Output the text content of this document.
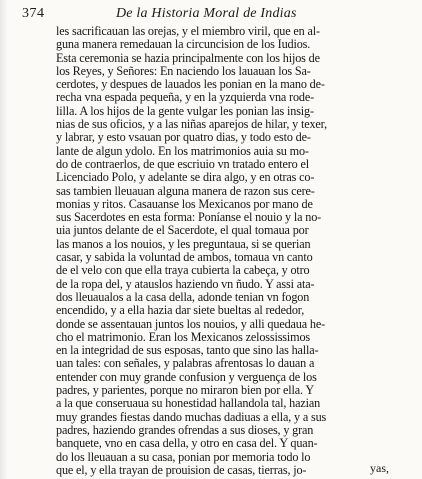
374	De la Historia Moral de Indias
les sacrificauan las orejas, y el miembro viril, que en al-
guna manera remedauan la circuncision de los Iudios.
Esta ceremonia se hazia principalmente con los hijos de
los Reyes, y Señores: En naciendo los lauauan los Sa-
cerdotes, y despues de lauados les ponian en la mano de-
recha vna espada pequeña, y en la yzquierda vna rode-
lilla. A los hijos de la gente vulgar les ponian las insig-
nias de sus oficios, y a las niñas aparejos de hilar, y texer,
y labrar, y esto vsauan por quatro dias, y todo esto de-
lante de algun ydolo. En los matrimonios auia su mo-
do de contraerlos, de que escriuio vn tratado entero el
Licenciado Polo, y adelante se dira algo, y en otras co-
sas tambien lleuauan alguna manera de razon sus cere-
monias y ritos. Casauanse los Mexicanos por mano de
sus Sacerdotes en esta forma: Poníanse el nouio y la no-
uia juntos delante de el Sacerdote, el qual tomaua por
las manos a los nouios, y les preguntaua, si se querian
casar, y sabida la voluntad de ambos, tomaua vn canto
de el velo con que ella traya cubierta la cabeça, y otro
de la ropa del, y atauslos haziendo vn ñudo. Y assi ata-
dos lleuaualos a la casa della, adonde tenian vn fogon
encendido, y a ella hazia dar siete bueltas al rededor,
donde se assentauan juntos los nouios, y alli quedaua he-
cho el matrimonio. Eran los Mexicanos zelossissimos
en la integridad de sus esposas, tanto que sino las halla-
uan tales: con señales, y palabras afrentosas lo dauan a
entender con muy grande confusion y verguença de los
padres, y parientes, porque no miraron bien por ella. Y
a la que conseruaua su honestidad hallandola tal, hazian
muy grandes fiestas dando muchas dadiuas a ella, y a sus
padres, haziendo grandes ofrendas a sus dioses, y gran
banquete, vno en casa della, y otro en casa del. Y quan-
do los lleuauan a su casa, ponian por memoria todo lo
que el, y ella trayan de prouision de casas, tierras, jo-	yas,
